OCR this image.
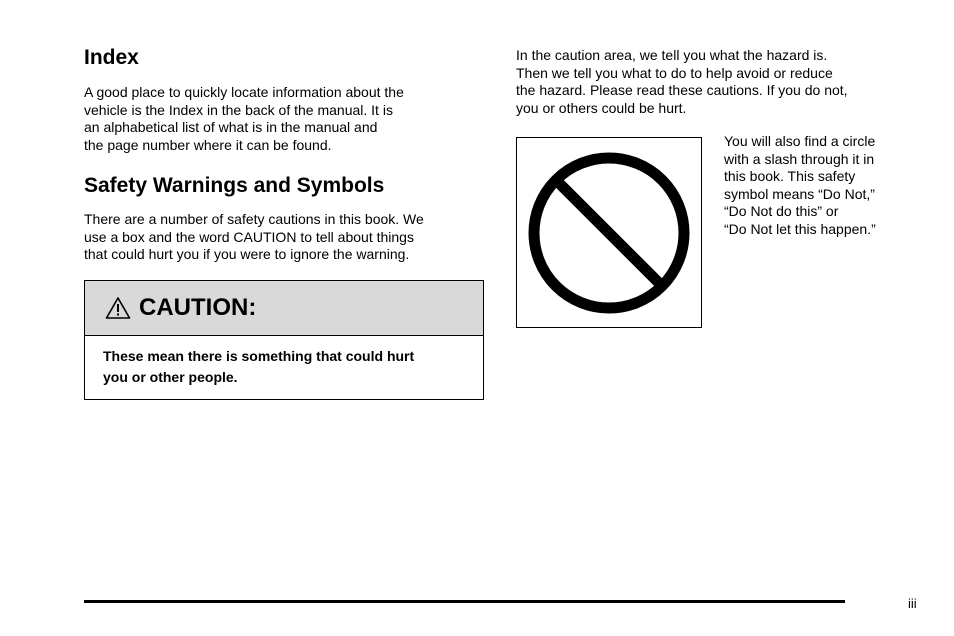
Index

A good place to quickly locate information about the
vehicle is the Index in the back of the manual. It is
an alphabetical list of what is in the manual and
the page number where it can be found.

Safety Warnings and Symbols

There are a number of safety cautions in this book. We
use a box and the word CAUTION to tell about things
that could hurt you if you were to ignore the warning.

CAUTION:
These mean there is something that could hurt
you or other people.

In the caution area, we tell you what the hazard is.
Then we tell you what to do to help avoid or reduce
the hazard. Please read these cautions. If you do not,
you or others could be hurt.

You will also find a circle
with a slash through it in
this book. This safety
symbol means “Do Not,”
“Do Not do this” or
“Do Not let this happen.”

iii
